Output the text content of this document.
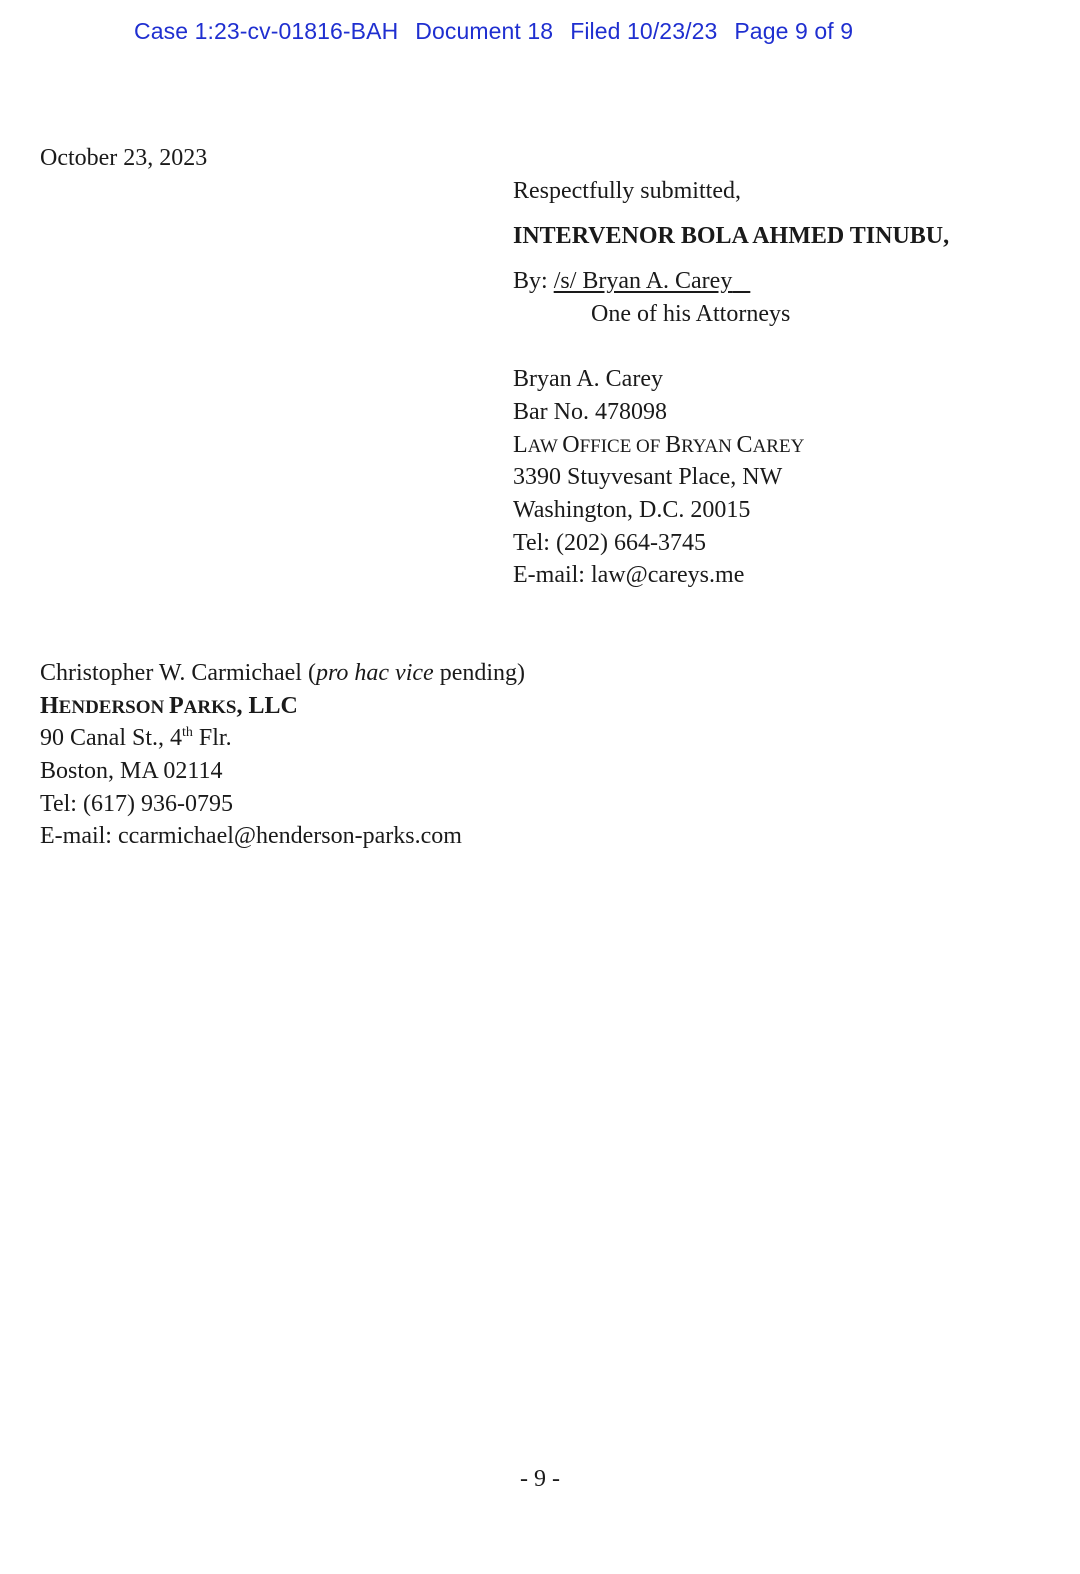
Case 1:23-cv-01816-BAH Document 18 Filed 10/23/23 Page 9 of 9
October 23, 2023
Respectfully submitted,
INTERVENOR BOLA AHMED TINUBU,
By: /s/ Bryan A. Carey
One of his Attorneys
Bryan A. Carey
Bar No. 478098
LAW OFFICE OF BRYAN CAREY
3390 Stuyvesant Place, NW
Washington, D.C. 20015
Tel: (202) 664-3745
E-mail: law@careys.me
Christopher W. Carmichael (pro hac vice pending)
HENDERSON PARKS, LLC
90 Canal St., 4th Flr.
Boston, MA 02114
Tel: (617) 936-0795
E-mail: ccarmichael@henderson-parks.com
- 9 -
